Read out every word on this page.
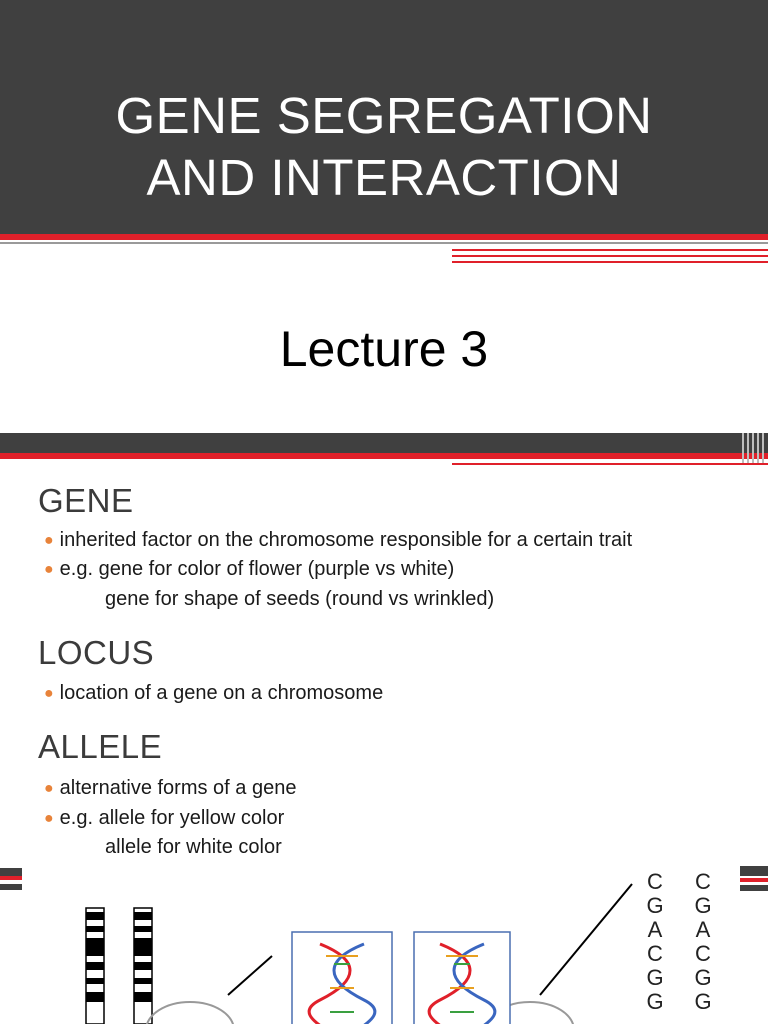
GENE SEGREGATION
AND INTERACTION
Lecture 3
GENE
● inherited factor on the chromosome responsible for a certain trait
● e.g. gene for color of flower (purple vs white)
gene for shape of seeds (round vs wrinkled)
LOCUS
● location of a gene on a chromosome
ALLELE
● alternative forms of a gene
● e.g. allele for yellow color
allele for white color
C
G
A
C
G
G
C
G
A
C
G
G
